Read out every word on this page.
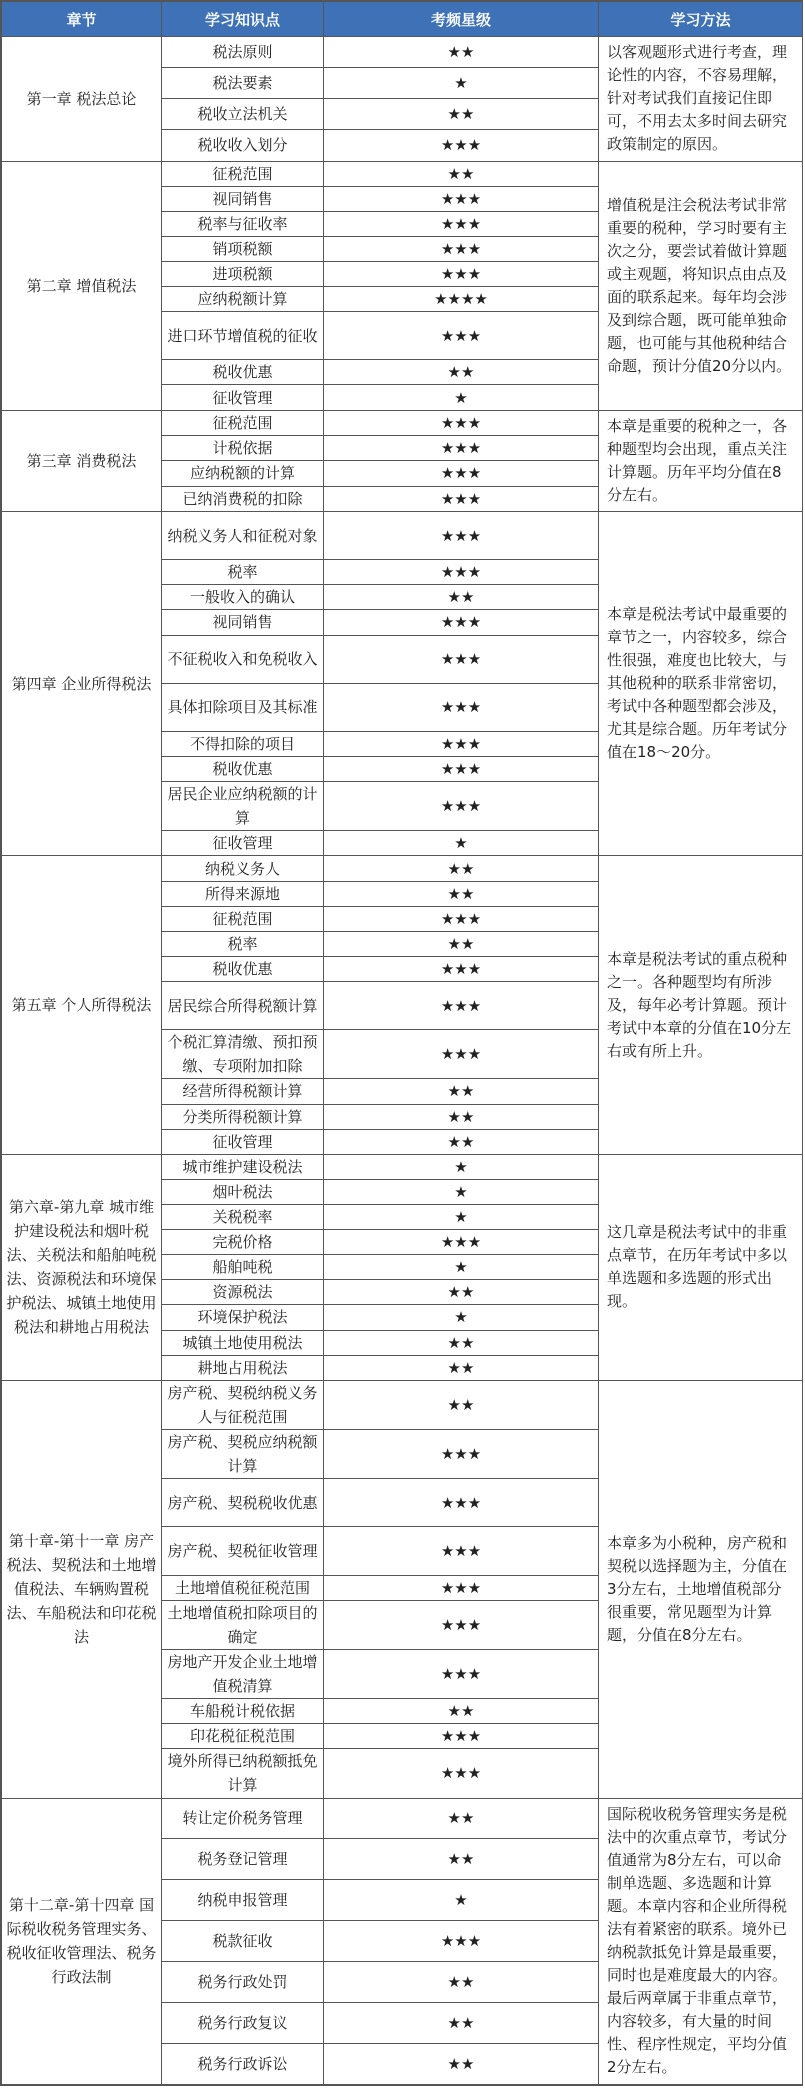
章节	学习知识点	考频星级	学习方法
第一章 税法总论	税法原则	★★	以客观题形式进行考查，理论性的内容，不容易理解，针对考试我们直接记住即可，不用去太多时间去研究政策制定的原因。
	税法要素	★	
	税收立法机关	★★	
	税收收入划分	★★★	
第二章 增值税法	征税范围	★★	增值税是注会税法考试非常重要的税种，学习时要有主次之分，要尝试着做计算题或主观题，将知识点由点及面的联系起来。每年均会涉及到综合题，既可能单独命题，也可能与其他税种结合命题，预计分值20分以内。
	视同销售	★★★	
	税率与征收率	★★★	
	销项税额	★★★	
	进项税额	★★★	
	应纳税额计算	★★★★	
	进口环节增值税的征收	★★★	
	税收优惠	★★	
	征收管理	★	
第三章 消费税法	征税范围	★★★	本章是重要的税种之一，各种题型均会出现，重点关注计算题。历年平均分值在8分左右。
	计税依据	★★★	
	应纳税额的计算	★★★	
	已纳消费税的扣除	★★★	
第四章 企业所得税法	纳税义务人和征税对象	★★★	本章是税法考试中最重要的章节之一，内容较多，综合性很强，难度也比较大，与其他税种的联系非常密切，考试中各种题型都会涉及，尤其是综合题。历年考试分值在18～20分。
	税率	★★★	
	一般收入的确认	★★	
	视同销售	★★★	
	不征税收入和免税收入	★★★	
	具体扣除项目及其标准	★★★	
	不得扣除的项目	★★★	
	税收优惠	★★★	
	居民企业应纳税额的计算	★★★	
	征收管理	★	
第五章 个人所得税法	纳税义务人	★★	本章是税法考试的重点税种之一。各种题型均有所涉及，每年必考计算题。预计考试中本章的分值在10分左右或有所上升。
	所得来源地	★★	
	征税范围	★★★	
	税率	★★	
	税收优惠	★★★	
	居民综合所得税额计算	★★★	
	个税汇算清缴、预扣预缴、专项附加扣除	★★★	
	经营所得税额计算	★★	
	分类所得税额计算	★★	
	征收管理	★★	
第六章-第九章 城市维护建设税法和烟叶税法、关税法和船舶吨税法、资源税法和环境保护税法、城镇土地使用税法和耕地占用税法	城市维护建设税法	★	这几章是税法考试中的非重点章节，在历年考试中多以单选题和多选题的形式出现。
	烟叶税法	★	
	关税税率	★	
	完税价格	★★★	
	船舶吨税	★	
	资源税法	★★	
	环境保护税法	★	
	城镇土地使用税法	★★	
	耕地占用税法	★★	
第十章-第十一章 房产税法、契税法和土地增值税法、车辆购置税法、车船税法和印花税法	房产税、契税纳税义务人与征税范围	★★	本章多为小税种，房产税和契税以选择题为主，分值在3分左右，土地增值税部分很重要，常见题型为计算题，分值在8分左右。
	房产税、契税应纳税额计算	★★★	
	房产税、契税税收优惠	★★★	
	房产税、契税征收管理	★★★	
	土地增值税征税范围	★★★	
	土地增值税扣除项目的确定	★★★	
	房地产开发企业土地增值税清算	★★★	
	车船税计税依据	★★	
	印花税征税范围	★★★	
	境外所得已纳税额抵免计算	★★★	
第十二章-第十四章 国际税收税务管理实务、税收征收管理法、税务行政法制	转让定价税务管理	★★	国际税收税务管理实务是税法中的次重点章节，考试分值通常为8分左右，可以命制单选题、多选题和计算题。本章内容和企业所得税法有着紧密的联系。境外已纳税款抵免计算是最重要，同时也是难度最大的内容。最后两章属于非重点章节，内容较多，有大量的时间性、程序性规定，平均分值2分左右。
	税务登记管理	★★	
	纳税申报管理	★	
	税款征收	★★★	
	税务行政处罚	★★	
	税务行政复议	★★	
	税务行政诉讼	★★	
